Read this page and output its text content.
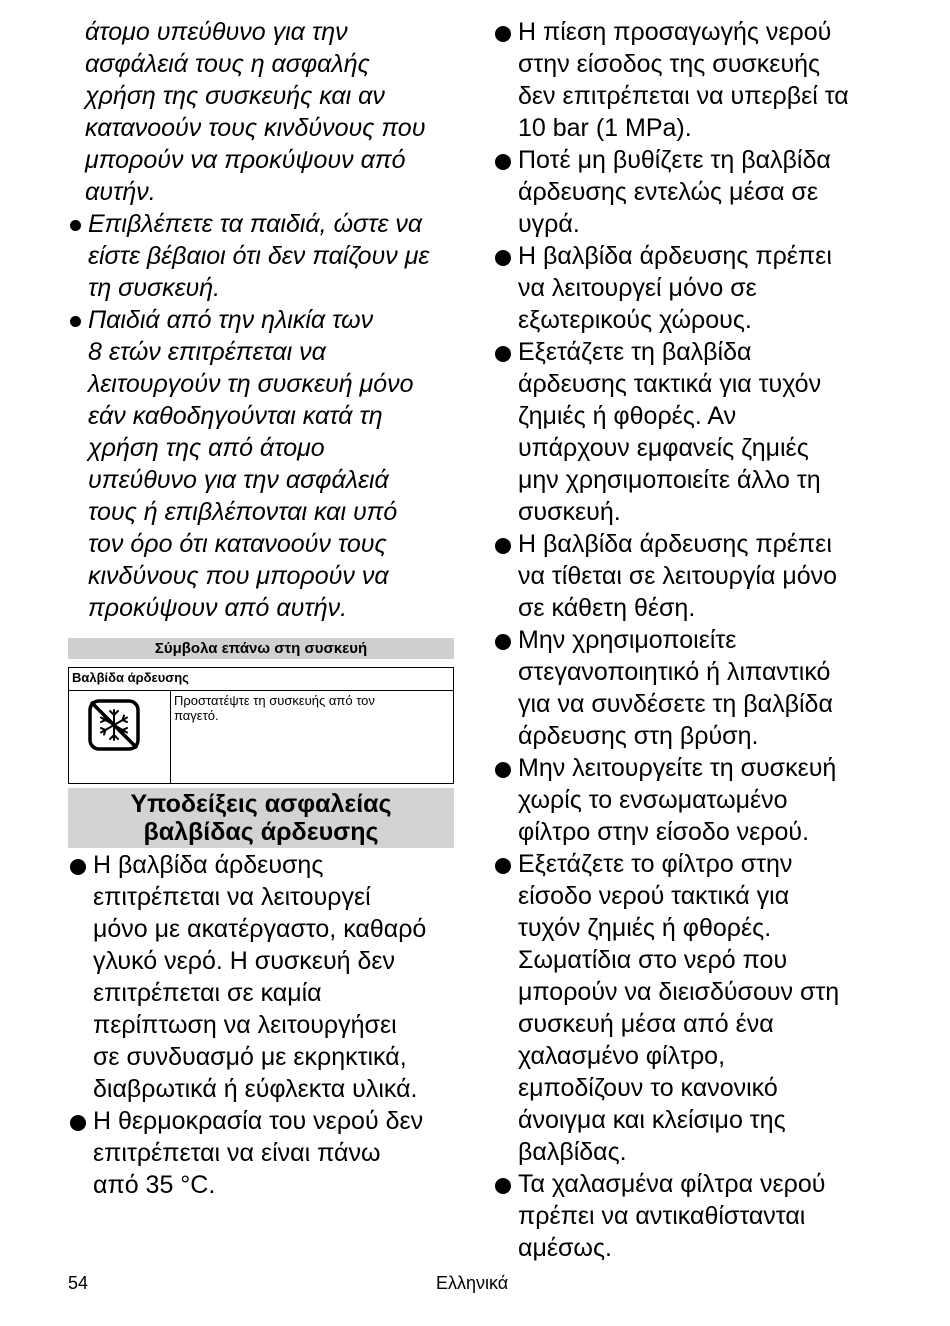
άτομο υπεύθυνο για την
ασφάλειά τους η ασφαλής
χρήση της συσκευής και αν
κατανοούν τους κινδύνους που
μπορούν να προκύψουν από
αυτήν.
Επιβλέπετε τα παιδιά, ώστε να
είστε βέβαιοι ότι δεν παίζουν με
τη συσκευή.
Παιδιά από την ηλικία των
8 ετών επιτρέπεται να
λειτουργούν τη συσκευή μόνο
εάν καθοδηγούνται κατά τη
χρήση της από άτομο
υπεύθυνο για την ασφάλειά
τους ή επιβλέπονται και υπό
τον όρο ότι κατανοούν τους
κινδύνους που μπορούν να
προκύψουν από αυτήν.
Σύμβολα επάνω στη συσκευή
Βαλβίδα άρδευσης

Προστατέψτε τη συσκευής από τον
παγετό.
Υποδείξεις ασφαλείας
βαλβίδας άρδευσης
Η βαλβίδα άρδευσης
επιτρέπεται να λειτουργεί
μόνο με ακατέργαστο, καθαρό
γλυκό νερό. Η συσκευή δεν
επιτρέπεται σε καμία
περίπτωση να λειτουργήσει
σε συνδυασμό με εκρηκτικά,
διαβρωτικά ή εύφλεκτα υλικά.
Η θερμοκρασία του νερού δεν
επιτρέπεται να είναι πάνω
από 35 °C.
Η πίεση προσαγωγής νερού
στην είσοδος της συσκευής
δεν επιτρέπεται να υπερβεί τα
10 bar (1 MPa).
Ποτέ μη βυθίζετε τη βαλβίδα
άρδευσης εντελώς μέσα σε
υγρά.
Η βαλβίδα άρδευσης πρέπει
να λειτουργεί μόνο σε
εξωτερικούς χώρους.
Εξετάζετε τη βαλβίδα
άρδευσης τακτικά για τυχόν
ζημιές ή φθορές. Αν
υπάρχουν εμφανείς ζημιές
μην χρησιμοποιείτε άλλο τη
συσκευή.
Η βαλβίδα άρδευσης πρέπει
να τίθεται σε λειτουργία μόνο
σε κάθετη θέση.
Μην χρησιμοποιείτε
στεγανοποιητικό ή λιπαντικό
για να συνδέσετε τη βαλβίδα
άρδευσης στη βρύση.
Μην λειτουργείτε τη συσκευή
χωρίς το ενσωματωμένο
φίλτρο στην είσοδο νερού.
Εξετάζετε το φίλτρο στην
είσοδο νερού τακτικά για
τυχόν ζημιές ή φθορές.
Σωματίδια στο νερό που
μπορούν να διεισδύσουν στη
συσκευή μέσα από ένα
χαλασμένο φίλτρο,
εμποδίζουν το κανονικό
άνοιγμα και κλείσιμο της
βαλβίδας.
Τα χαλασμένα φίλτρα νερού
πρέπει να αντικαθίστανται
αμέσως.
54	Ελληνικά
